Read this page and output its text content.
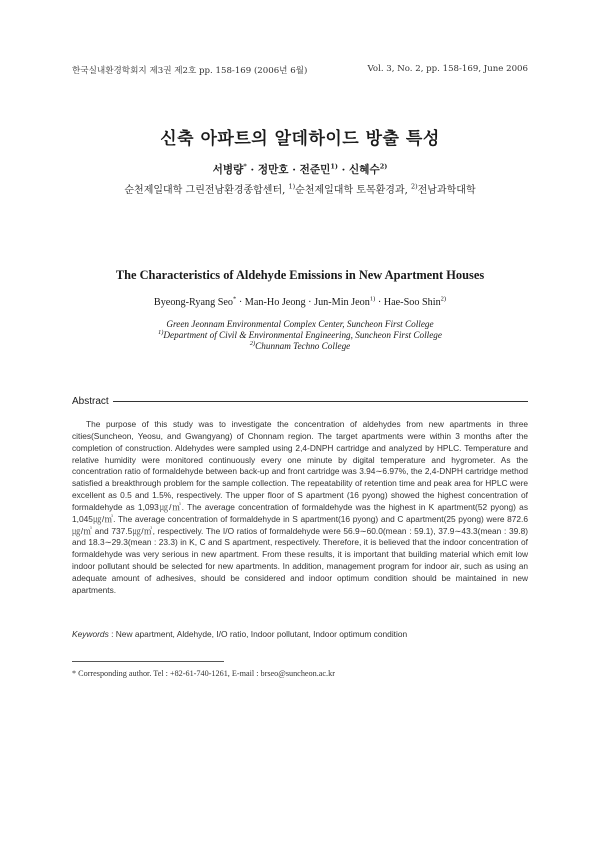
한국실내환경학회지 제3권 제2호 pp. 158-169 (2006년 6월)	Vol. 3, No. 2, pp. 158-169, June 2006
신축 아파트의 알데하이드 방출 특성
서병량* · 정만호 · 전준민$^{1)}$ · 신혜수$^{2)}$
순천제일대학 그린전남환경종합센터, $^{1)}$순천제일대학 토목환경과, $^{2)}$전남과학대학
The Characteristics of Aldehyde Emissions in New Apartment Houses
Byeong-Ryang Seo* · Man-Ho Jeong · Jun-Min Jeon$^{1)}$ · Hae-Soo Shin$^{2)}$
Green Jeonnam Environmental Complex Center, Suncheon First College
$^{1)}$Department of Civil & Environmental Engineering, Suncheon First College
$^{2)}$Chunnam Techno College
Abstract

The purpose of this study was to investigate the concentration of aldehydes from new apartments in three cities(Suncheon, Yeosu, and Gwangyang) of Chonnam region. The target apartments were within 3 months after the completion of construction. Aldehydes were sampled using 2,4-DNPH cartridge and analyzed by HPLC. Temperature and relative humidity were monitored continuously every one minute by digital temperature and hygrometer. As the concentration ratio of formaldehyde between back-up and front cartridge was 3.94∼6.97%, the 2,4-DNPH cartridge method satisfied a breakthrough problem for the sample collection. The repeatability of retention time and peak area for HPLC were excellent as 0.5 and 1.5%, respectively. The upper floor of S apartment (16 pyong) showed the highest concentration of formaldehyde as 1,093㎍/㎥. The average concentration of formaldehyde was the highest in K apartment(52 pyong) as 1,045㎍/㎥. The average concentration of formaldehyde in S apartment(16 pyong) and C apartment(25 pyong) were 872.6㎍/㎥ and 737.5㎍/㎥, respectively. The I/O ratios of formaldehyde were 56.9∼60.0(mean : 59.1), 37.9∼43.3(mean : 39.8) and 18.3∼29.3(mean : 23.3) in K, C and S apartment, respectively. Therefore, it is believed that the indoor concentration of formaldehyde was very serious in new apartment. From these results, it is important that building material which emit low indoor pollutant should be selected for new apartments. In addition, management program for indoor air, such as using an adequate amount of adhesives, should be considered and indoor optimum condition should be maintained in new apartments.

Keywords : New apartment, Aldehyde, I/O ratio, Indoor pollutant, Indoor optimum condition
* Corresponding author. Tel : +82-61-740-1261, E-mail : brseo@suncheon.ac.kr
